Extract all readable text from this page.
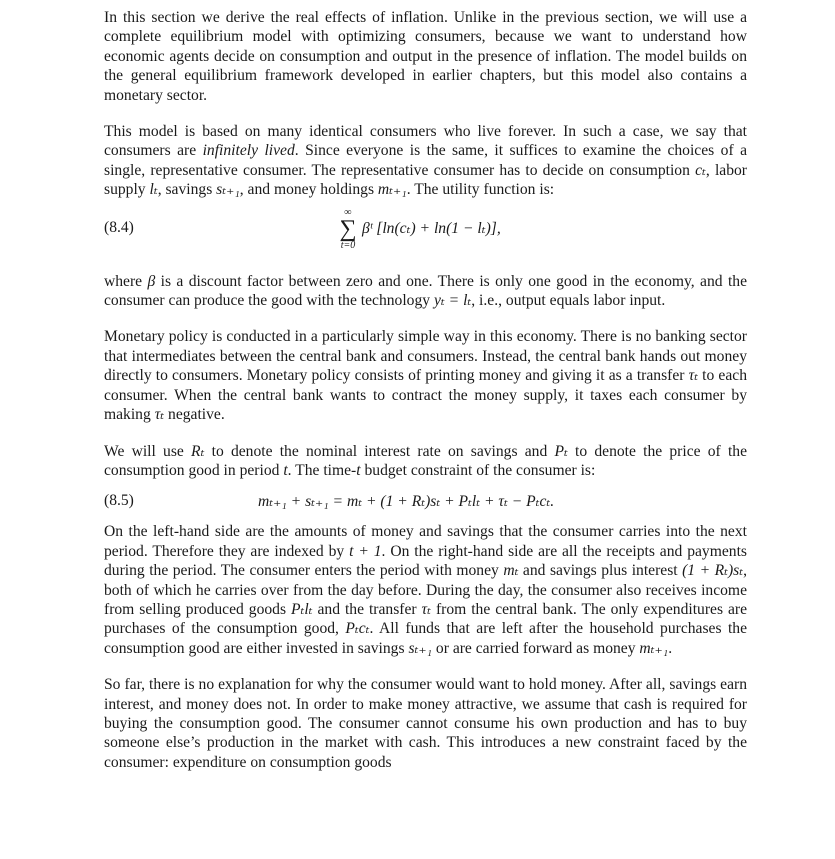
In this section we derive the real effects of inflation. Unlike in the previous section, we will use a complete equilibrium model with optimizing consumers, because we want to understand how economic agents decide on consumption and output in the presence of inflation. The model builds on the general equilibrium framework developed in earlier chapters, but this model also contains a monetary sector.

This model is based on many identical consumers who live forever. In such a case, we say that consumers are infinitely lived. Since everyone is the same, it suffices to examine the choices of a single, representative consumer. The representative consumer has to decide on consumption cₜ, labor supply lₜ, savings sₜ₊₁, and money holdings mₜ₊₁. The utility function is:

(8.4)
∞
∑
t=0
βᵗ [ln(cₜ) + ln(1 − lₜ)],

where β is a discount factor between zero and one. There is only one good in the economy, and the consumer can produce the good with the technology yₜ = lₜ, i.e., output equals labor input.

Monetary policy is conducted in a particularly simple way in this economy. There is no banking sector that intermediates between the central bank and consumers. Instead, the central bank hands out money directly to consumers. Monetary policy consists of printing money and giving it as a transfer τₜ to each consumer. When the central bank wants to contract the money supply, it taxes each consumer by making τₜ negative.

We will use Rₜ to denote the nominal interest rate on savings and Pₜ to denote the price of the consumption good in period t. The time-t budget constraint of the consumer is:

(8.5)	mₜ₊₁ + sₜ₊₁ = mₜ + (1 + Rₜ)sₜ + Pₜlₜ + τₜ − Pₜcₜ.

On the left-hand side are the amounts of money and savings that the consumer carries into the next period. Therefore they are indexed by t + 1. On the right-hand side are all the receipts and payments during the period. The consumer enters the period with money mₜ and savings plus interest (1 + Rₜ)sₜ, both of which he carries over from the day before. During the day, the consumer also receives income from selling produced goods Pₜlₜ and the transfer τₜ from the central bank. The only expenditures are purchases of the consumption good, Pₜcₜ. All funds that are left after the household purchases the consumption good are either invested in savings sₜ₊₁ or are carried forward as money mₜ₊₁.

So far, there is no explanation for why the consumer would want to hold money. After all, savings earn interest, and money does not. In order to make money attractive, we assume that cash is required for buying the consumption good. The consumer cannot consume his own production and has to buy someone else’s production in the market with cash. This introduces a new constraint faced by the consumer: expenditure on consumption goods
